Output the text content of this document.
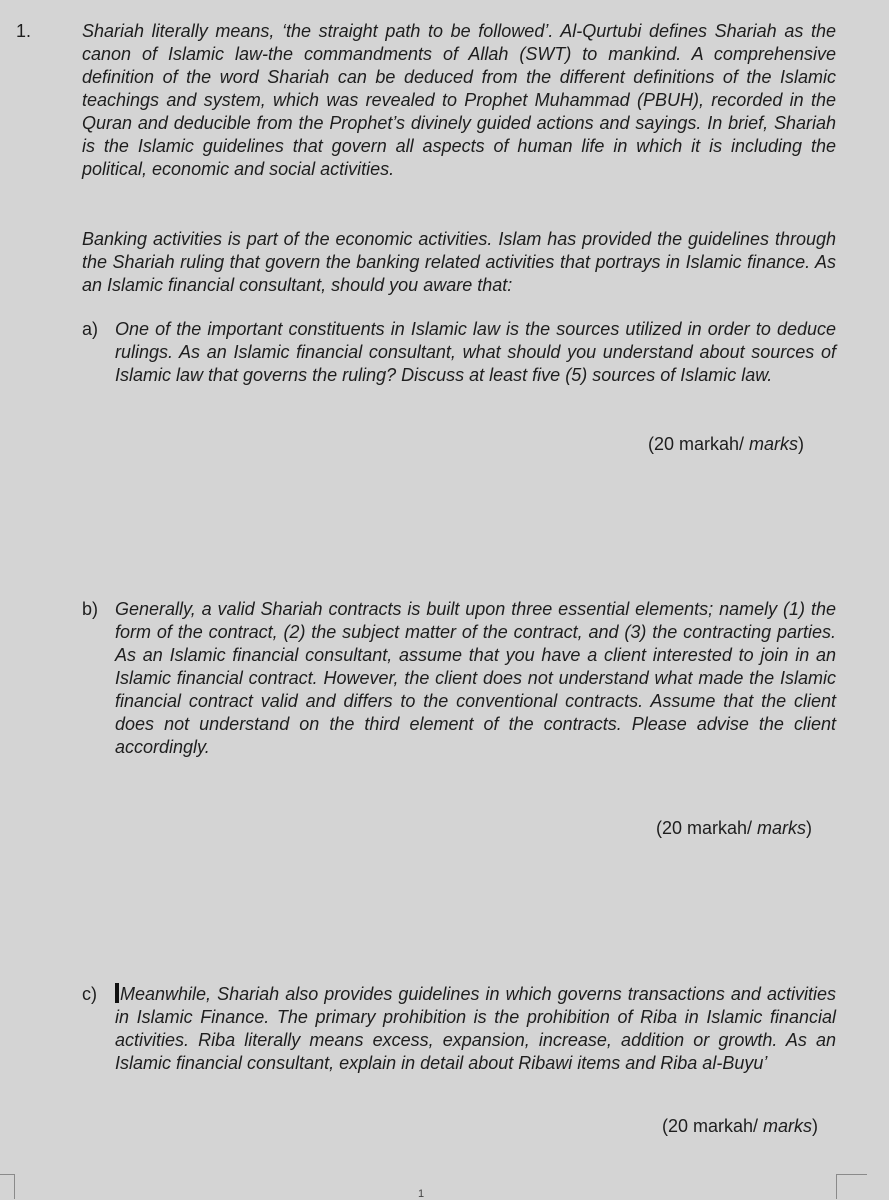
1.	Shariah literally means, ‘the straight path to be followed’. Al-Qurtubi defines Shariah as the canon of Islamic law-the commandments of Allah (SWT) to mankind. A comprehensive definition of the word Shariah can be deduced from the different definitions of the Islamic teachings and system, which was revealed to Prophet Muhammad (PBUH), recorded in the Quran and deducible from the Prophet’s divinely guided actions and sayings. In brief, Shariah is the Islamic guidelines that govern all aspects of human life in which it is including the political, economic and social activities.
Banking activities is part of the economic activities. Islam has provided the guidelines through the Shariah ruling that govern the banking related activities that portrays in Islamic finance. As an Islamic financial consultant, should you aware that:
a) One of the important constituents in Islamic law is the sources utilized in order to deduce rulings. As an Islamic financial consultant, what should you understand about sources of Islamic law that governs the ruling? Discuss at least five (5) sources of Islamic law.
(20 markah/ marks)
b) Generally, a valid Shariah contracts is built upon three essential elements; namely (1) the form of the contract, (2) the subject matter of the contract, and (3) the contracting parties. As an Islamic financial consultant, assume that you have a client interested to join in an Islamic financial contract. However, the client does not understand what made the Islamic financial contract valid and differs to the conventional contracts. Assume that the client does not understand on the third element of the contracts. Please advise the client accordingly.
(20 markah/ marks)
c) Meanwhile, Shariah also provides guidelines in which governs transactions and activities in Islamic Finance. The primary prohibition is the prohibition of Riba in Islamic financial activities. Riba literally means excess, expansion, increase, addition or growth. As an Islamic financial consultant, explain in detail about Ribawi items and Riba al-Buyu’
(20 markah/ marks)
1
